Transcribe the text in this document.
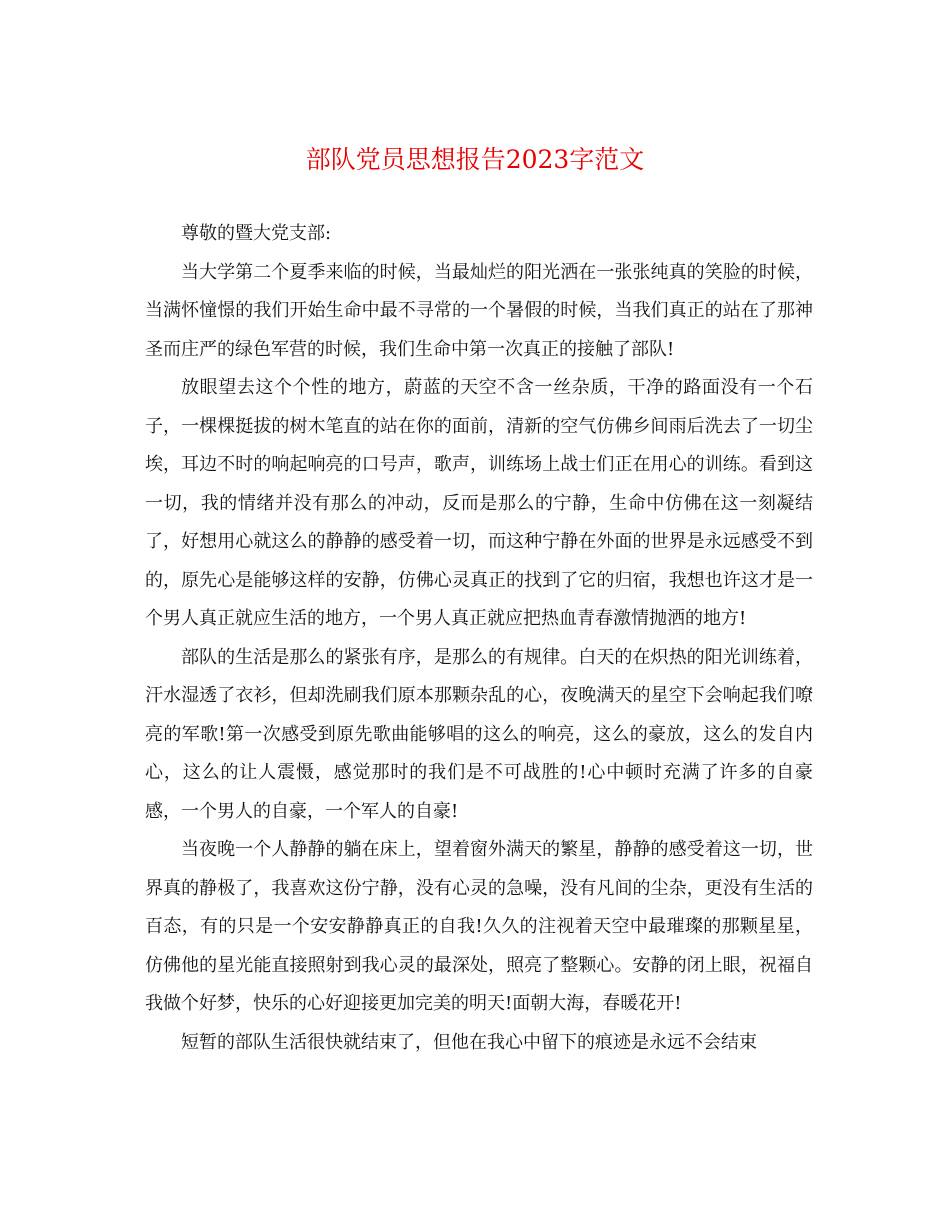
部队党员思想报告2023字范文

尊敬的暨大党支部:

当大学第二个夏季来临的时候，当最灿烂的阳光洒在一张张纯真的笑脸的时候，当满怀憧憬的我们开始生命中最不寻常的一个暑假的时候，当我们真正的站在了那神圣而庄严的绿色军营的时候，我们生命中第一次真正的接触了部队!

放眼望去这个个性的地方，蔚蓝的天空不含一丝杂质，干净的路面没有一个石子，一棵棵挺拔的树木笔直的站在你的面前，清新的空气仿佛乡间雨后洗去了一切尘埃，耳边不时的响起响亮的口号声，歌声，训练场上战士们正在用心的训练。看到这一切，我的情绪并没有那么的冲动，反而是那么的宁静，生命中仿佛在这一刻凝结了，好想用心就这么的静静的感受着一切，而这种宁静在外面的世界是永远感受不到的，原先心是能够这样的安静，仿佛心灵真正的找到了它的归宿，我想也许这才是一个男人真正就应生活的地方，一个男人真正就应把热血青春激情抛洒的地方!

部队的生活是那么的紧张有序，是那么的有规律。白天的在炽热的阳光训练着，汗水湿透了衣衫，但却洗刷我们原本那颗杂乱的心，夜晚满天的星空下会响起我们嘹亮的军歌!第一次感受到原先歌曲能够唱的这么的响亮，这么的豪放，这么的发自内心，这么的让人震慑，感觉那时的我们是不可战胜的!心中顿时充满了许多的自豪感，一个男人的自豪，一个军人的自豪!

当夜晚一个人静静的躺在床上，望着窗外满天的繁星，静静的感受着这一切，世界真的静极了，我喜欢这份宁静，没有心灵的急噪，没有凡间的尘杂，更没有生活的百态，有的只是一个安安静静真正的自我!久久的注视着天空中最璀璨的那颗星星，仿佛他的星光能直接照射到我心灵的最深处，照亮了整颗心。安静的闭上眼，祝福自我做个好梦，快乐的心好迎接更加完美的明天!面朝大海，春暖花开!

短暂的部队生活很快就结束了，但他在我心中留下的痕迹是永远不会结束
